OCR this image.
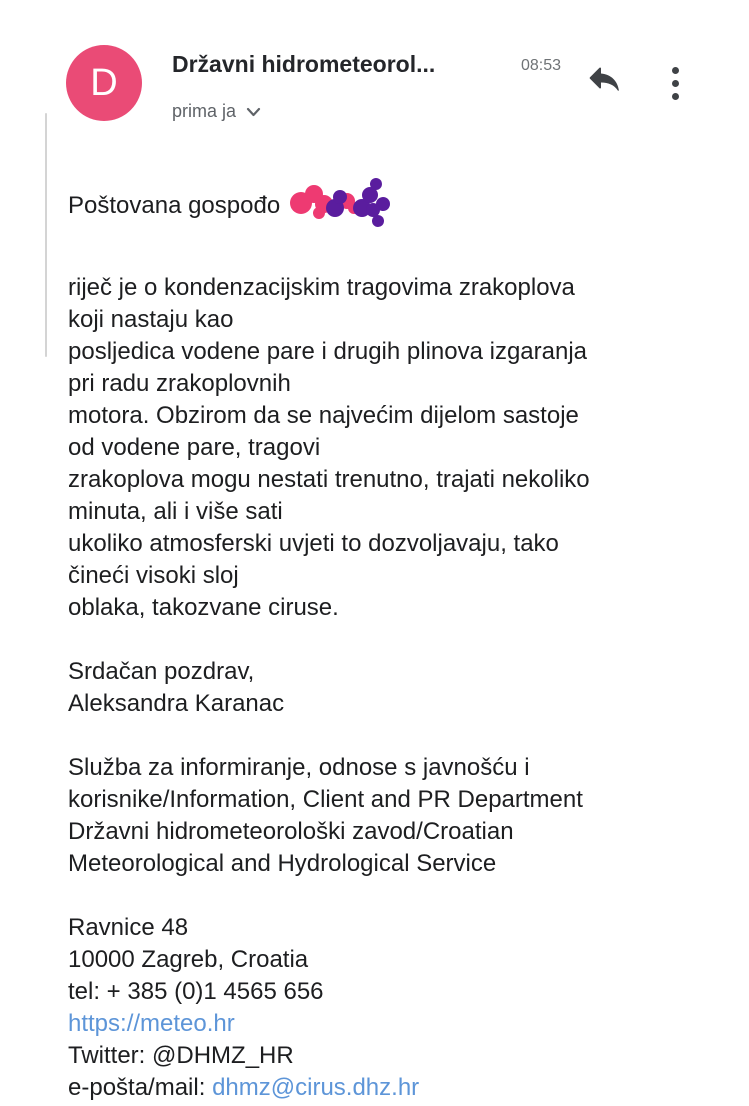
D Državni hidrometeorol...	08:53
prima ja

Poštovana gospođo

riječ je o kondenzacijskim tragovima zrakoplova
koji nastaju kao
posljedica vodene pare i drugih plinova izgaranja
pri radu zrakoplovnih
motora. Obzirom da se najvećim dijelom sastoje
od vodene pare, tragovi
zrakoplova mogu nestati trenutno, trajati nekoliko
minuta, ali i više sati
ukoliko atmosferski uvjeti to dozvoljavaju, tako
čineći visoki sloj
oblaka, takozvane ciruse.

Srdačan pozdrav,
Aleksandra Karanac

Služba za informiranje, odnose s javnošću i
korisnike/Information, Client and PR Department
Državni hidrometeorološki zavod/Croatian
Meteorological and Hydrological Service

Ravnice 48
10000 Zagreb, Croatia
tel: + 385 (0)1 4565 656
https://meteo.hr
Twitter: @DHMZ_HR
e-pošta/mail: dhmz@cirus.dhz.hr
